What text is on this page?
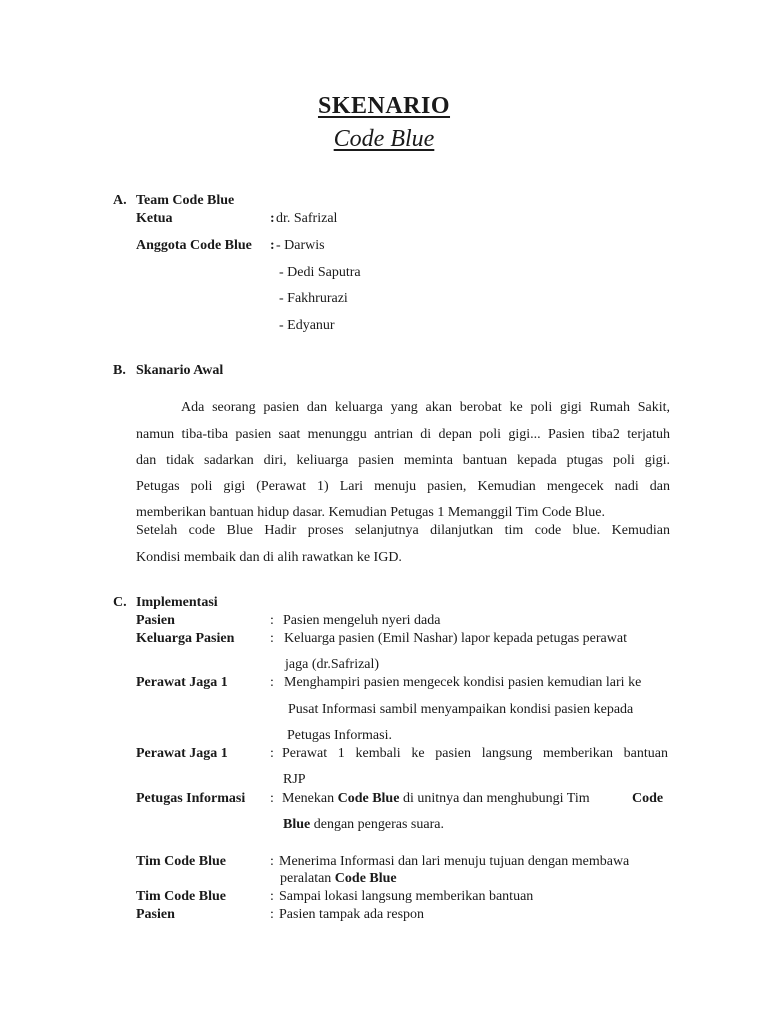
SKENARIO
Code Blue
A. Team Code Blue
Ketua	: dr. Safrizal
Anggota Code Blue : - Darwis
- Dedi Saputra
- Fakhrurazi
- Edyanur
B. Skanario Awal
Ada seorang pasien dan keluarga yang akan berobat ke poli gigi Rumah Sakit,
namun tiba-tiba pasien saat menunggu antrian di depan poli gigi... Pasien tiba2 terjatuh
dan tidak sadarkan diri, keliuarga pasien meminta bantuan kepada ptugas poli gigi.
Petugas poli gigi (Perawat 1) Lari menuju pasien, Kemudian mengecek nadi dan
memberikan bantuan hidup dasar. Kemudian Petugas 1 Memanggil Tim Code Blue.
Setelah code Blue Hadir proses selanjutnya dilanjutkan tim code blue. Kemudian
Kondisi membaik dan di alih rawatkan ke IGD.
C. Implementasi
Pasien	: Pasien mengeluh nyeri dada
Keluarga Pasien	: Keluarga pasien (Emil Nashar) lapor kepada petugas perawat
jaga (dr.Safrizal)
Perawat Jaga 1	: Menghampiri pasien mengecek kondisi pasien kemudian lari ke
Pusat Informasi sambil menyampaikan kondisi pasien kepada
Petugas Informasi.
Perawat Jaga 1	: Perawat 1 kembali ke pasien langsung memberikan bantuan
RJP
Petugas Informasi : Menekan Code Blue di unitnya dan menghubungi Tim	Code
Blue dengan pengeras suara.
Tim Code Blue	: Menerima Informasi dan lari menuju tujuan dengan membawa
peralatan Code Blue
Tim Code Blue	: Sampai lokasi langsung memberikan bantuan
Pasien	: Pasien tampak ada respon
